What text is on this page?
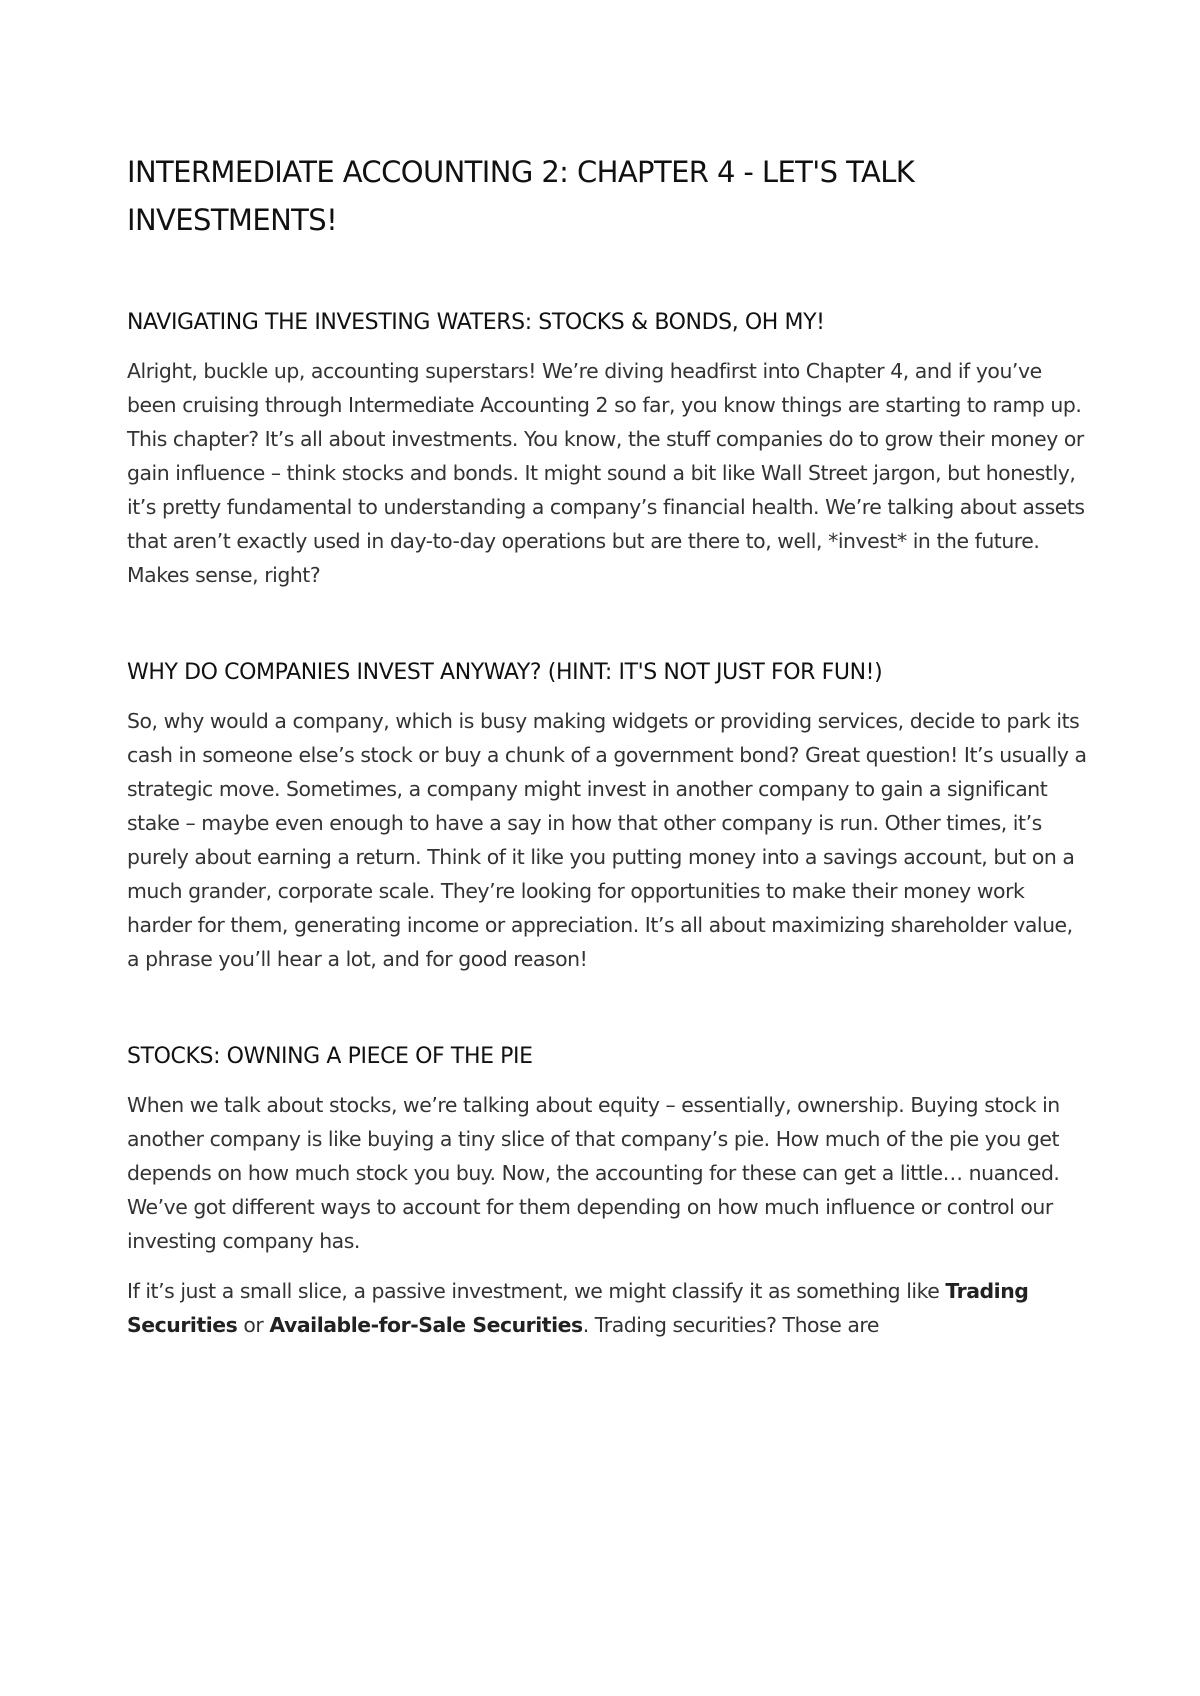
INTERMEDIATE ACCOUNTING 2: CHAPTER 4 - LET'S TALK INVESTMENTS!
NAVIGATING THE INVESTING WATERS: STOCKS & BONDS, OH MY!

Alright, buckle up, accounting superstars! We’re diving headfirst into Chapter 4, and if you’ve been cruising through Intermediate Accounting 2 so far, you know things are starting to ramp up. This chapter? It’s all about investments. You know, the stuff companies do to grow their money or gain influence – think stocks and bonds. It might sound a bit like Wall Street jargon, but honestly, it’s pretty fundamental to understanding a company’s financial health. We’re talking about assets that aren’t exactly used in day-to-day operations but are there to, well, *invest* in the future. Makes sense, right?

WHY DO COMPANIES INVEST ANYWAY? (HINT: IT'S NOT JUST FOR FUN!)

So, why would a company, which is busy making widgets or providing services, decide to park its cash in someone else’s stock or buy a chunk of a government bond? Great question! It’s usually a strategic move. Sometimes, a company might invest in another company to gain a significant stake – maybe even enough to have a say in how that other company is run. Other times, it’s purely about earning a return. Think of it like you putting money into a savings account, but on a much grander, corporate scale. They’re looking for opportunities to make their money work harder for them, generating income or appreciation. It’s all about maximizing shareholder value, a phrase you’ll hear a lot, and for good reason!

STOCKS: OWNING A PIECE OF THE PIE

When we talk about stocks, we’re talking about equity – essentially, ownership. Buying stock in another company is like buying a tiny slice of that company’s pie. How much of the pie you get depends on how much stock you buy. Now, the accounting for these can get a little… nuanced. We’ve got different ways to account for them depending on how much influence or control our investing company has.

If it’s just a small slice, a passive investment, we might classify it as something like Trading Securities or Available-for-Sale Securities. Trading securities? Those are
